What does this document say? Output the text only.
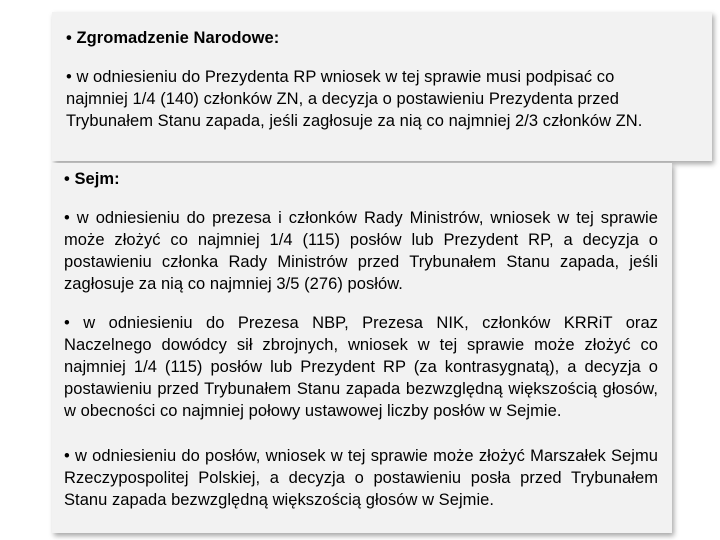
• Zgromadzenie Narodowe:
• w odniesieniu do Prezydenta RP wniosek w tej sprawie musi podpisać co
najmniej 1/4 (140) członków ZN, a decyzja o postawieniu Prezydenta przed
Trybunałem Stanu zapada, jeśli zagłosuje za nią co najmniej 2/3 członków ZN.
• Sejm:
• w odniesieniu do prezesa i członków Rady Ministrów, wniosek w tej sprawie może złożyć co najmniej 1/4 (115) posłów lub Prezydent RP, a decyzja o postawieniu członka Rady Ministrów przed Trybunałem Stanu zapada, jeśli zagłosuje za nią co najmniej 3/5 (276) posłów.
• w odniesieniu do Prezesa NBP, Prezesa NIK, członków KRRiT oraz Naczelnego dowódcy sił zbrojnych, wniosek w tej sprawie może złożyć co najmniej 1/4 (115) posłów lub Prezydent RP (za kontrasygnatą), a decyzja o postawieniu przed Trybunałem Stanu zapada bezwzględną większością głosów, w obecności co najmniej połowy ustawowej liczby posłów w Sejmie.
• w odniesieniu do posłów, wniosek w tej sprawie może złożyć Marszałek Sejmu Rzeczypospolitej Polskiej, a decyzja o postawieniu posła przed Trybunałem Stanu zapada bezwzględną większością głosów w Sejmie.
